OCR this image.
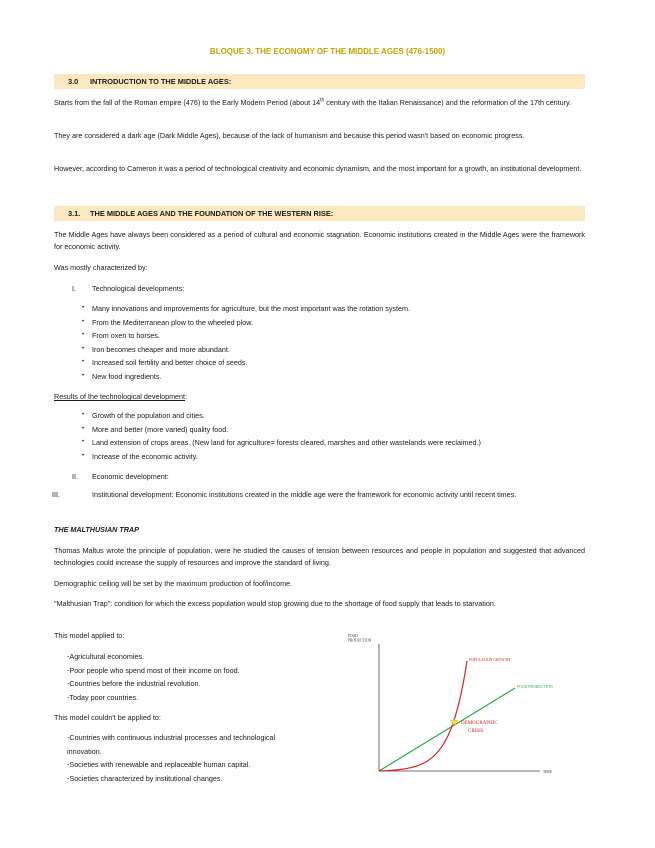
BLOQUE 3. THE ECONOMY OF THE MIDDLE AGES (476-1500)
3.0 INTRODUCTION TO THE MIDDLE AGES:
Starts from the fall of the Roman empire (476) to the Early Modern Period (about 14th century with the Italian Renaissance) and the reformation of the 17th century.
They are considered a dark age (Dark Middle Ages), because of the lack of humanism and because this period wasn't based on economic progress.
However, according to Cameron it was a period of technological creativity and economic dynamism, and the most important for a growth, an institutional development.
3.1. THE MIDDLE AGES AND THE FOUNDATION OF THE WESTERN RISE:
The Middle Ages have always been considered as a period of cultural and economic stagnation. Economic institutions created in the Middle Ages were the framework for economic activity.
Was mostly characterized by:
I. Technological developments:
• Many innovations and improvements for agriculture, but the most important was the rotation system.
• From the Mediterranean plow to the wheeled plow.
• From oxen to horses.
• Iron becomes cheaper and more abundant.
• Increased soil fertility and better choice of seeds.
• New food ingredients.
Results of the technological development:
• Growth of the population and cities.
• More and better (more varied) quality food.
• Land extension of crops areas. (New land for agriculture= forests cleared, marshes and other wastelands were reclaimed.)
• Increase of the economic activity.
II. Economic development:
III.	Institutional development: Economic institutions created in the middle age were the framework for economic activity until recent times.
THE MALTHUSIAN TRAP
Thomas Maltus wrote the principle of population, were he studied the causes of tension between resources and people in population and suggested that advanced technologies could increase the supply of resources and improve the standard of living.
Demographic ceiling will be set by the maximum production of foof/income.
"Malthusian Trap": condition for which the excess population would stop growing due to the shortage of food supply that leads to starvation.
This model applied to:
-Agricultural economies.
-Poor people who spend most of their income on food.
-Countries before the industrial revolution.
-Today poor countries.
This model couldn't be applied to:
-Countries with continuous industrial processes and technological
innovation.
-Societies with renewable and replaceable human capital.
-Societies characterized by institutional changes.
FOOD PRODUCTION
TIME
POPULATION GROWTH
FOOD PRODUCTION
DEMOGRAPHIC
CRISIS
